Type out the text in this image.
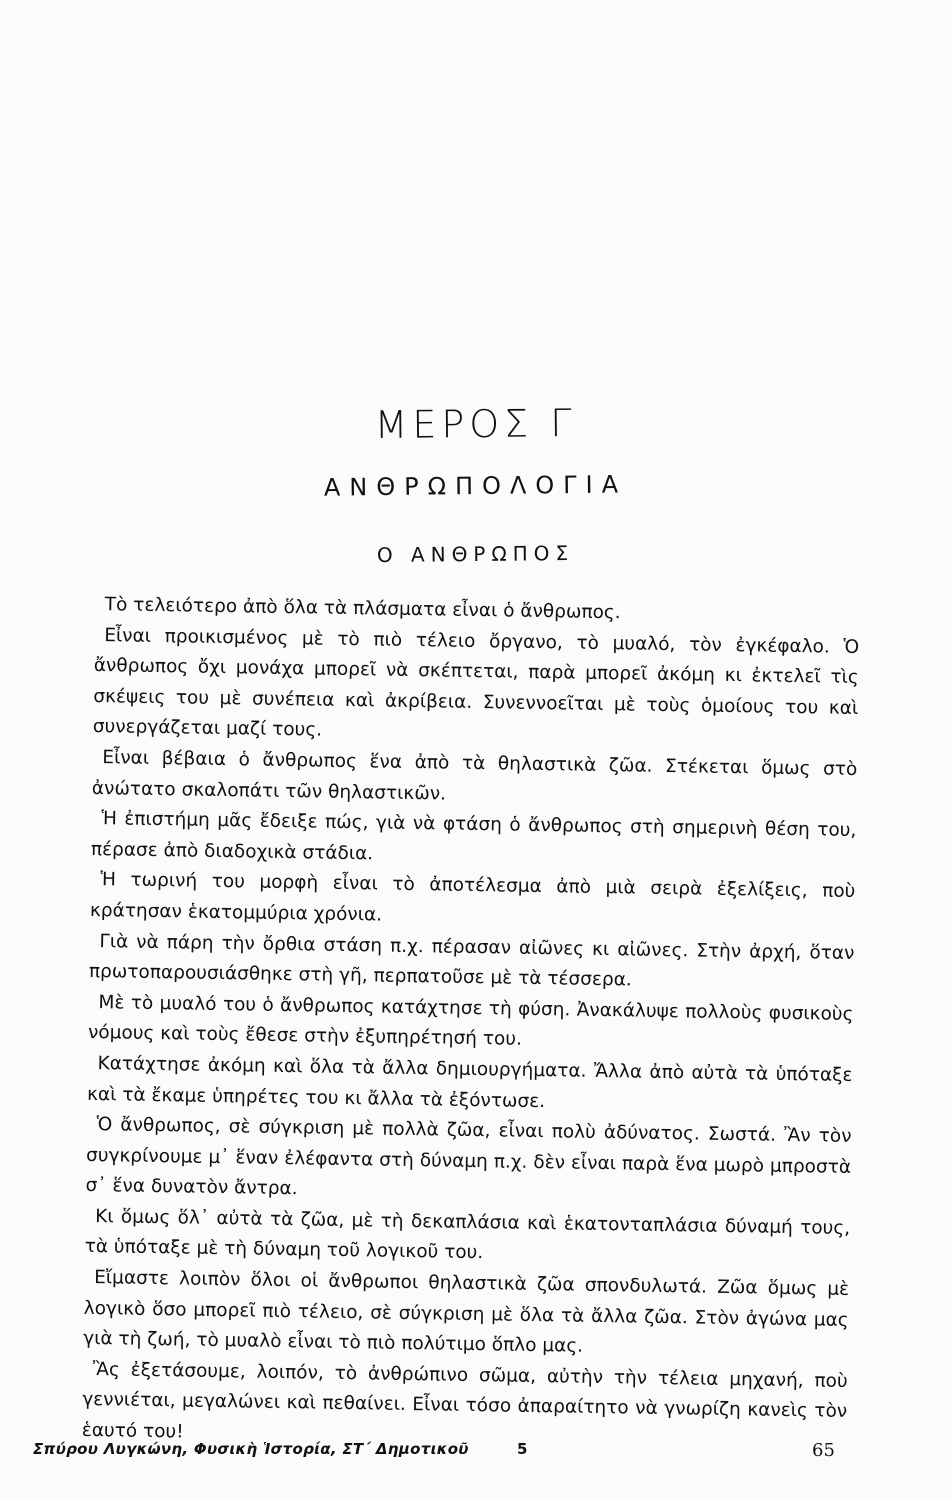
ΜΕΡΟΣ Γ
ΑΝΘΡΩΠΟΛΟΓΙΑ
Ο ΑΝΘΡΩΠΟΣ

Τὸ τελειότερο ἀπὸ ὅλα τὰ πλάσματα εἶναι ὁ ἄνθρωπος.

Εἶναι προικισμένος μὲ τὸ πιὸ τέλειο ὄργανο, τὸ μυαλό, τὸν ἐγκέφαλο. Ὁ ἄνθρωπος ὄχι μονάχα μπορεῖ νὰ σκέπτεται, παρὰ μπορεῖ ἀκόμη κι ἐκτελεῖ τὶς σκέψεις του μὲ συνέπεια καὶ ἀκρίβεια. Συνεννοεῖται μὲ τοὺς ὁμοίους του καὶ συνεργάζεται μαζί τους.

Εἶναι βέβαια ὁ ἄνθρωπος ἕνα ἀπὸ τὰ θηλαστικὰ ζῶα. Στέκεται ὅμως στὸ ἀνώτατο σκαλοπάτι τῶν θηλαστικῶν.

Ἡ ἐπιστήμη μᾶς ἔδειξε πώς, γιὰ νὰ φτάση ὁ ἄνθρωπος στὴ σημερινὴ θέση του, πέρασε ἀπὸ διαδοχικὰ στάδια.

Ἡ τωρινή του μορφὴ εἶναι τὸ ἀποτέλεσμα ἀπὸ μιὰ σειρὰ ἐξελίξεις, ποὺ κράτησαν ἑκατομμύρια χρόνια.

Γιὰ νὰ πάρη τὴν ὄρθια στάση π.χ. πέρασαν αἰῶνες κι αἰῶνες. Στὴν ἀρχή, ὅταν πρωτοπαρουσιάσθηκε στὴ γῆ, περπατοῦσε μὲ τὰ τέσσερα.

Μὲ τὸ μυαλό του ὁ ἄνθρωπος κατάχτησε τὴ φύση. Ἀνακάλυψε πολλοὺς φυσικοὺς νόμους καὶ τοὺς ἔθεσε στὴν ἐξυπηρέτησή του.

Κατάχτησε ἀκόμη καὶ ὅλα τὰ ἄλλα δημιουργήματα. Ἄλλα ἀπὸ αὐτὰ τὰ ὑπόταξε καὶ τὰ ἔκαμε ὑπηρέτες του κι ἄλλα τὰ ἐξόντωσε.

Ὁ ἄνθρωπος, σὲ σύγκριση μὲ πολλὰ ζῶα, εἶναι πολὺ ἀδύνατος. Σωστά. Ἂν τὸν συγκρίνουμε μ᾽ ἕναν ἐλέφαντα στὴ δύναμη π.χ. δὲν εἶναι παρὰ ἕνα μωρὸ μπροστὰ σ᾽ ἕνα δυνατὸν ἄντρα.

Κι ὅμως ὅλ᾽ αὐτὰ τὰ ζῶα, μὲ τὴ δεκαπλάσια καὶ ἑκατονταπλάσια δύναμή τους, τὰ ὑπόταξε μὲ τὴ δύναμη τοῦ λογικοῦ του.

Εἴμαστε λοιπὸν ὅλοι οἱ ἄνθρωποι θηλαστικὰ ζῶα σπονδυλωτά. Ζῶα ὅμως μὲ λογικὸ ὅσο μπορεῖ πιὸ τέλειο, σὲ σύγκριση μὲ ὅλα τὰ ἄλλα ζῶα. Στὸν ἀγώνα μας γιὰ τὴ ζωή, τὸ μυαλὸ εἶναι τὸ πιὸ πολύτιμο ὅπλο μας.

Ἂς ἐξετάσουμε, λοιπόν, τὸ ἀνθρώπινο σῶμα, αὐτὴν τὴν τέλεια μηχανή, ποὺ γεννιέται, μεγαλώνει καὶ πεθαίνει. Εἶναι τόσο ἀπαραίτητο νὰ γνωρίζη κανεὶς τὸν ἑαυτό του!

Σπύρου Λυγκώνη, Φυσικὴ Ἱστορία, ΣΤ΄ Δημοτικοῦ	5	65
